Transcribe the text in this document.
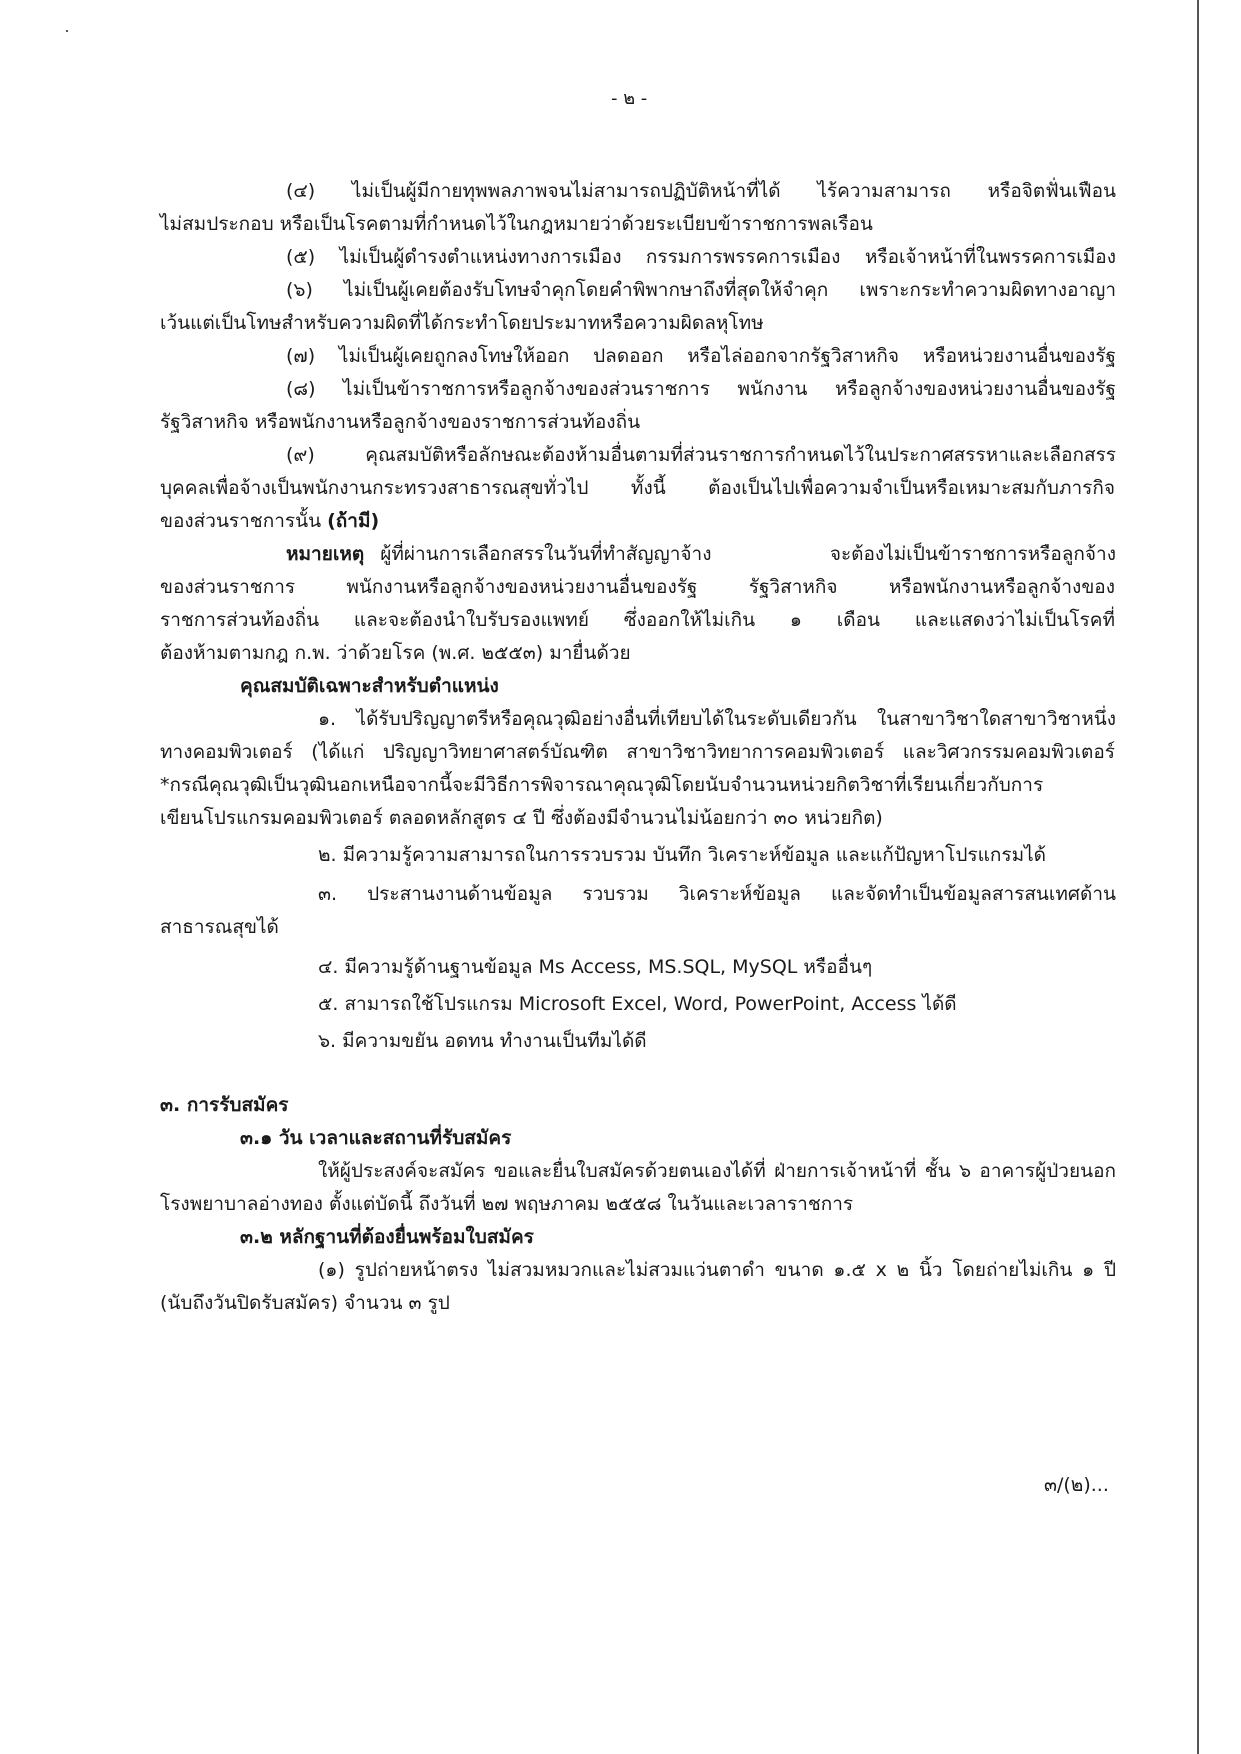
- ๒ -
(๔) ไม่เป็นผู้มีกายทุพพลภาพจนไม่สามารถปฏิบัติหน้าที่ได้ ไร้ความสามารถ หรือจิตฟั่นเฟือน
ไม่สมประกอบ หรือเป็นโรคตามที่กำหนดไว้ในกฎหมายว่าด้วยระเบียบข้าราชการพลเรือน
(๕) ไม่เป็นผู้ดำรงตำแหน่งทางการเมือง กรรมการพรรคการเมือง หรือเจ้าหน้าที่ในพรรคการเมือง
(๖) ไม่เป็นผู้เคยต้องรับโทษจำคุกโดยคำพิพากษาถึงที่สุดให้จำคุก เพราะกระทำความผิดทางอาญา
เว้นแต่เป็นโทษสำหรับความผิดที่ได้กระทำโดยประมาทหรือความผิดลหุโทษ
(๗) ไม่เป็นผู้เคยถูกลงโทษให้ออก ปลดออก หรือไล่ออกจากรัฐวิสาหกิจ หรือหน่วยงานอื่นของรัฐ
(๘) ไม่เป็นข้าราชการหรือลูกจ้างของส่วนราชการ พนักงาน หรือลูกจ้างของหน่วยงานอื่นของรัฐ
รัฐวิสาหกิจ หรือพนักงานหรือลูกจ้างของราชการส่วนท้องถิ่น
(๙) คุณสมบัติหรือลักษณะต้องห้ามอื่นตามที่ส่วนราชการกำหนดไว้ในประกาศสรรหาและเลือกสรร
บุคคลเพื่อจ้างเป็นพนักงานกระทรวงสาธารณสุขทั่วไป ทั้งนี้ ต้องเป็นไปเพื่อความจำเป็นหรือเหมาะสมกับภารกิจ
ของส่วนราชการนั้น (ถ้ามี)
หมายเหตุ ผู้ที่ผ่านการเลือกสรรในวันที่ทำสัญญาจ้าง จะต้องไม่เป็นข้าราชการหรือลูกจ้าง
ของส่วนราชการ พนักงานหรือลูกจ้างของหน่วยงานอื่นของรัฐ รัฐวิสาหกิจ หรือพนักงานหรือลูกจ้างของ
ราชการส่วนท้องถิ่น และจะต้องนำใบรับรองแพทย์ ซึ่งออกให้ไม่เกิน ๑ เดือน และแสดงว่าไม่เป็นโรคที่
ต้องห้ามตามกฎ ก.พ. ว่าด้วยโรค (พ.ศ. ๒๕๕๓) มายื่นด้วย
คุณสมบัติเฉพาะสำหรับตำแหน่ง
๑. ได้รับปริญญาตรีหรือคุณวุฒิอย่างอื่นที่เทียบได้ในระดับเดียวกัน ในสาขาวิชาใดสาขาวิชาหนึ่ง
ทางคอมพิวเตอร์ (ได้แก่ ปริญญาวิทยาศาสตร์บัณฑิต สาขาวิชาวิทยาการคอมพิวเตอร์ และวิศวกรรมคอมพิวเตอร์
*กรณีคุณวุฒิเป็นวุฒินอกเหนือจากนี้จะมีวิธีการพิจารณาคุณวุฒิโดยนับจำนวนหน่วยกิตวิชาที่เรียนเกี่ยวกับการ
เขียนโปรแกรมคอมพิวเตอร์ ตลอดหลักสูตร ๔ ปี ซึ่งต้องมีจำนวนไม่น้อยกว่า ๓๐ หน่วยกิต)
๒. มีความรู้ความสามารถในการรวบรวม บันทึก วิเคราะห์ข้อมูล และแก้ปัญหาโปรแกรมได้
๓. ประสานงานด้านข้อมูล รวบรวม วิเคราะห์ข้อมูล และจัดทำเป็นข้อมูลสารสนเทศด้าน
สาธารณสุขได้
๔. มีความรู้ด้านฐานข้อมูล Ms Access, MS.SQL, MySQL หรืออื่นๆ
๕. สามารถใช้โปรแกรม Microsoft Excel, Word, PowerPoint, Access ได้ดี
๖. มีความขยัน อดทน ทำงานเป็นทีมได้ดี
๓. การรับสมัคร
๓.๑ วัน เวลาและสถานที่รับสมัคร
ให้ผู้ประสงค์จะสมัคร ขอและยื่นใบสมัครด้วยตนเองได้ที่ ฝ่ายการเจ้าหน้าที่ ชั้น ๖ อาคารผู้ป่วยนอก
โรงพยาบาลอ่างทอง ตั้งแต่บัดนี้ ถึงวันที่ ๒๗ พฤษภาคม ๒๕๕๘ ในวันและเวลาราชการ
๓.๒ หลักฐานที่ต้องยื่นพร้อมใบสมัคร
(๑) รูปถ่ายหน้าตรง ไม่สวมหมวกและไม่สวมแว่นตาดำ ขนาด ๑.๕ x ๒ นิ้ว โดยถ่ายไม่เกิน ๑ ปี
(นับถึงวันปิดรับสมัคร) จำนวน ๓ รูป
๓/(๒)...
